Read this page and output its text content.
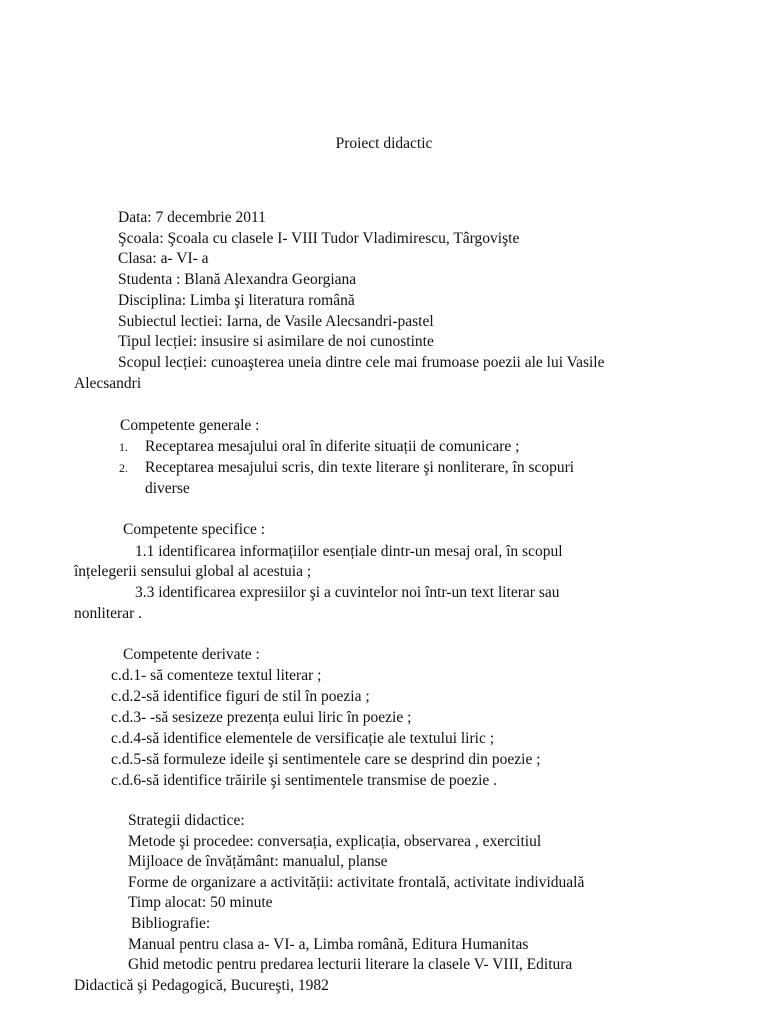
Proiect didactic
Data: 7 decembrie 2011
Şcoala: Şcoala cu clasele I- VIII Tudor Vladimirescu, Târgovişte
Clasa: a- VI- a
Studenta : Blană Alexandra Georgiana
Disciplina: Limba şi literatura română
Subiectul lectiei: Iarna, de Vasile Alecsandri-pastel
Tipul lecției: insusire si asimilare de noi cunostinte
Scopul lecției: cunoaşterea uneia dintre cele mai frumoase poezii ale lui Vasile
Alecsandri
Competente generale :
1. Receptarea mesajului oral în diferite situații de comunicare ;
2. Receptarea mesajului scris, din texte literare şi nonliterare, în scopuri
diverse
Competente specifice :
1.1 identificarea informațiilor esențiale dintr-un mesaj oral, în scopul
înțelegerii sensului global al acestuia ;
3.3 identificarea expresiilor şi a cuvintelor noi într-un text literar sau
nonliterar .
Competente derivate :
c.d.1- să comenteze textul literar ;
c.d.2-să identifice figuri de stil în poezia ;
c.d.3- -să sesizeze prezența eului liric în poezie ;
c.d.4-să identifice elementele de versificație ale textului liric ;
c.d.5-să formuleze ideile şi sentimentele care se desprind din poezie ;
c.d.6-să identifice trăirile şi sentimentele transmise de poezie .
Strategii didactice:
Metode şi procedee: conversația, explicația, observarea , exercitiul
Mijloace de învățământ: manualul, planse
Forme de organizare a activității: activitate frontală, activitate individuală
Timp alocat: 50 minute
Bibliografie:
Manual pentru clasa a- VI- a, Limba română, Editura Humanitas
Ghid metodic pentru predarea lecturii literare la clasele V- VIII, Editura
Didactică şi Pedagogică, Bucureşti, 1982
